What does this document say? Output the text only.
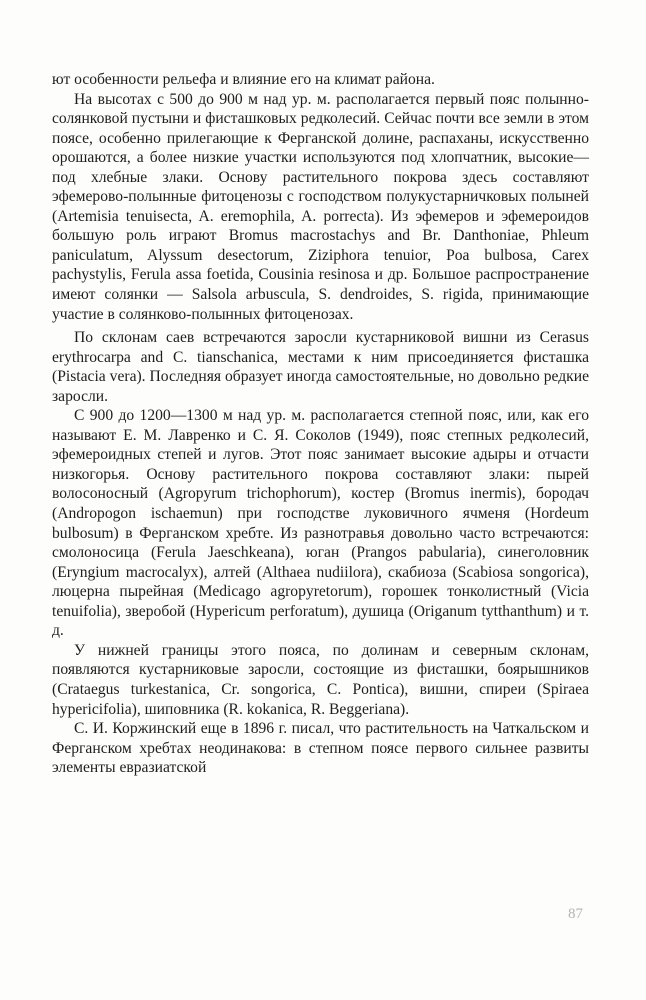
ют особенности рельефа и влияние его на климат района.

На высотах с 500 до 900 м над ур. м. располагается первый пояс полынно-солянковой пустыни и фисташковых редколесий. Сейчас почти все земли в этом поясе, особенно прилегающие к Ферганской долине, распаханы, искусственно орошаются, а более низкие участки используются под хлопчатник, высокие—под хлебные злаки. Основу растительного покрова здесь составляют эфемерово-полынные фитоценозы с господством полукустарничковых полыней (Artemisia tenuisecta, A. eremophila, A. porrecta). Из эфемеров и эфемероидов большую роль играют Bromus macrostachys and Br. Danthoniae, Phleum paniculatum, Alyssum desectorum, Ziziphora tenuior, Poa bulbosa, Carex pachystylis, Ferula assa foetida, Cousinia resinosa и др. Большое распространение имеют солянки — Salsola arbuscula, S. dendroides, S. rigida, принимающие участие в солянково-полынных фитоценозах.

По склонам саев встречаются заросли кустарниковой вишни из Cerasus erythrocarpa and C. tianschanica, местами к ним присоединяется фисташка (Pistacia vera). Последняя образует иногда самостоятельные, но довольно редкие заросли.

С 900 до 1200—1300 м над ур. м. располагается степной пояс, или, как его называют Е. М. Лавренко и С. Я. Соколов (1949), пояс степных редколесий, эфемероидных степей и лугов. Этот пояс занимает высокие адыры и отчасти низкогорья. Основу растительного покрова составляют злаки: пырей волосоносный (Agropyrum trichophorum), костер (Bromus inermis), бородач (Andropogon ischaemun) при господстве луковичного ячменя (Hordeum bulbosum) в Ферганском хребте. Из разнотравья довольно часто встречаются: смолоносица (Ferula Jaeschkeana), юган (Prangos pabularia), синеголовник (Eryngium macrocalyx), алтей (Althaea nudiilora), скабиоза (Scabiosa songorica), люцерна пырейная (Medicago agropyretorum), горошек тонколистный (Vicia tenuifolia), зверобой (Hypericum perforatum), душица (Origanum tytthanthum) и т. д.

У нижней границы этого пояса, по долинам и северным склонам, появляются кустарниковые заросли, состоящие из фисташки, боярышников (Crataegus turkestanica, Cr. songorica, C. Pontica), вишни, спиреи (Spiraea hypericifolia), шиповника (R. kokanica, R. Beggeriana).

С. И. Коржинский еще в 1896 г. писал, что растительность на Чаткальском и Ферганском хребтах неодинакова: в степном поясе первого сильнее развиты элементы евразиатской

87
